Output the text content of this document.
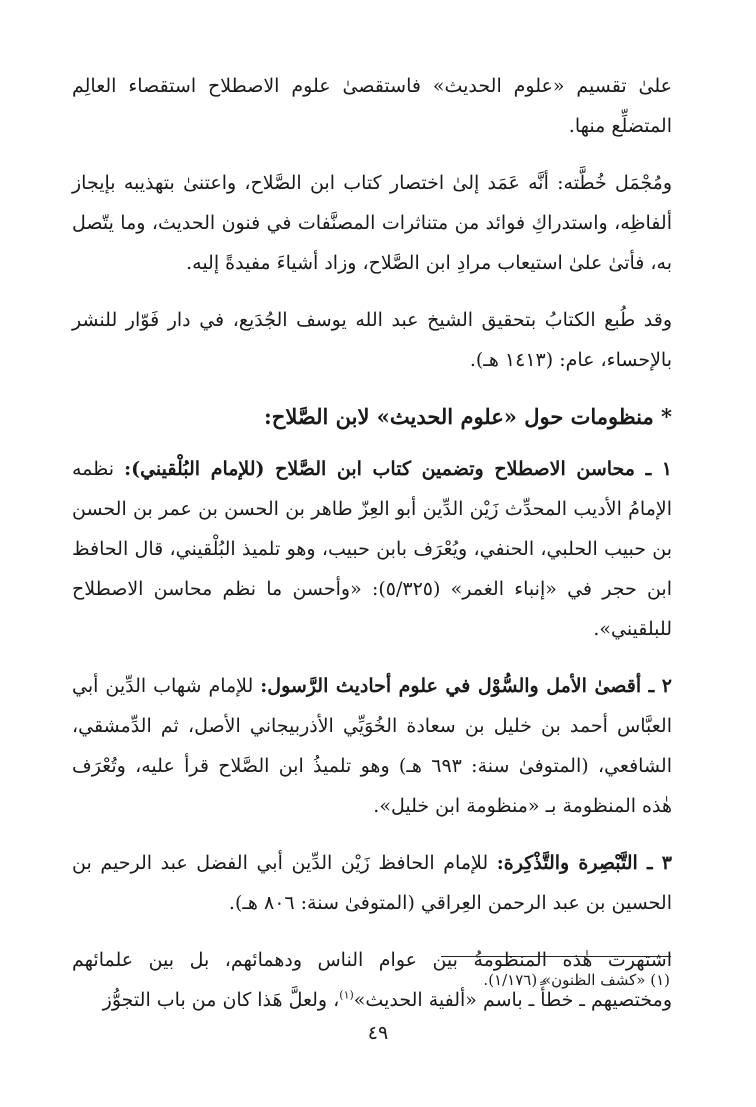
علىٰ تقسيم «علوم الحديث» فاستقصىٰ علوم الاصطلاح استقصاء العالِم المتضلِّع منها.

ومُجْمَل خُطَّته: أنَّه عَمَد إلىٰ اختصار كتاب ابن الصَّلاح، واعتنىٰ بتهذيبه بإيجاز ألفاظِه، واستدراكِ فوائد من متناثرات المصنَّفات في فنون الحديث، وما يتّصل به، فأتىٰ علىٰ استيعاب مرادِ ابن الصَّلاح، وزاد أشياءَ مفيدةً إليه.

وقد طُبع الكتابُ بتحقيق الشيخ عبد الله يوسف الجُدَيع، في دار فَوّار للنشر بالإحساء، عام: (١٤١٣ هـ).

* منظومات حول «علوم الحديث» لابن الصَّلاح:

١ ـ محاسن الاصطلاح وتضمين كتاب ابن الصَّلاح (للإمام البُلْقيني): نظمه الإمامُ الأديب المحدِّث زَيْن الدِّين أبو العِزّ طاهر بن الحسن بن عمر بن الحسن بن حبيب الحلبي، الحنفي، ويُعْرَف بابن حبيب، وهو تلميذ البُلْقيني، قال الحافظ ابن حجر في «إنباء الغمر» (٥/٣٢٥): «وأحسن ما نظم محاسن الاصطلاح للبلقيني».

٢ ـ أقصىٰ الأمل والسُّوْل في علوم أحاديث الرَّسول: للإمام شهاب الدِّين أبي العبَّاس أحمد بن خليل بن سعادة الخُوَيِّي الأذربيجاني الأصل، ثم الدِّمشقي، الشافعي، (المتوفىٰ سنة: ٦٩٣ هـ) وهو تلميذُ ابن الصَّلاح قرأ عليه، وتُعْرَف هٰذه المنظومة بـ «منظومة ابن خليل».

٣ ـ التَّبْصِرة والتَّذْكِرة: للإمام الحافظ زَيْن الدِّين أبي الفضل عبد الرحيم بن الحسين بن عبد الرحمن العِراقي (المتوفىٰ سنة: ٨٠٦ هـ).

اشتهرت هٰذه المنظومةُ بين عوام الناس ودهمائهم، بل بين علمائهم ومختصيهم ـ خطأً ـ باسم «ألفية الحديث»$^{(١)}$، ولعلَّ هَذا كان من باب التجوُّز

(١) «كشف الظنون» (١/١٧٦).
٤٩
